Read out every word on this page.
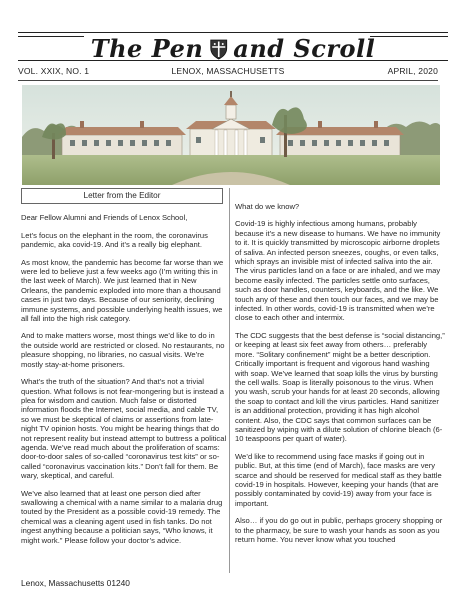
The Pen and Scroll
VOL. XXIX, NO. 1	LENOX, MASSACHUSETTS	APRIL, 2020
Letter from the Editor

Dear Fellow Alumni and Friends of Lenox School,

Let’s focus on the elephant in the room, the coronavirus pandemic, aka covid-19. And it’s a really big elephant.

As most know, the pandemic has become far worse than we were led to believe just a few weeks ago (I’m writing this in the last week of March). We just learned that in New Orleans, the pandemic exploded into more than a thousand cases in just two days. Because of our seniority, declining immune systems, and possible underlying health issues, we all fall into the high risk category.

And to make matters worse, most things we’d like to do in the outside world are restricted or closed. No restaurants, no pleasure shopping, no libraries, no casual visits. We’re mostly stay-at-home prisoners.

What’s the truth of the situation? And that’s not a trivial question. What follows is not fear-mongering but is instead a plea for wisdom and caution. Much false or distorted information floods the Internet, social media, and cable TV, so we must be skeptical of claims or assertions from late-night TV opinion hosts. You might be hearing things that do not represent reality but instead attempt to buttress a political agenda. We’ve read much about the proliferation of scams: door-to-door sales of so-called “coronavirus test kits” or so-called “coronavirus vaccination kits.” Don’t fall for them. Be wary, skeptical, and careful.

We’ve also learned that at least one person died after swallowing a chemical with a name similar to a malaria drug touted by the President as a possible covid-19 remedy. The chemical was a cleaning agent used in fish tanks. Do not ingest anything because a politician says, “Who knows, it might work.” Please follow your doctor’s advice.

What do we know?

Covid-19 is highly infectious among humans, probably because it’s a new disease to humans. We have no immunity to it. It is quickly transmitted by microscopic airborne droplets of saliva. An infected person sneezes, coughs, or even talks, which sprays an invisible mist of infected saliva into the air. The virus particles land on a face or are inhaled, and we may become easily infected. The particles settle onto surfaces, such as door handles, counters, keyboards, and the like. We touch any of these and then touch our faces, and we may be infected. In other words, covid-19 is transmitted when we’re close to each other and intermix.

The CDC suggests that the best defense is “social distancing,” or keeping at least six feet away from others… preferably more. “Solitary confinement” might be a better description. Critically important is frequent and vigorous hand washing with soap. We’ve learned that soap kills the virus by bursting the cell walls. Soap is literally poisonous to the virus. When you wash, scrub your hands for at least 20 seconds, allowing the soap to contact and kill the virus particles. Hand sanitizer is an additional protection, providing it has high alcohol content. Also, the CDC says that common surfaces can be sanitized by wiping with a dilute solution of chlorine bleach (6-10 teaspoons per quart of water).

We’d like to recommend using face masks if going out in public. But, at this time (end of March), face masks are very scarce and should be reserved for medical staff as they battle covid-19 in hospitals. However, keeping your hands (that are possibly contaminated by covid-19) away from your face is important.

Also… if you do go out in public, perhaps grocery shopping or to the pharmacy, be sure to wash your hands as soon as you return home. You never know what you touched

Lenox, Massachusetts 01240
